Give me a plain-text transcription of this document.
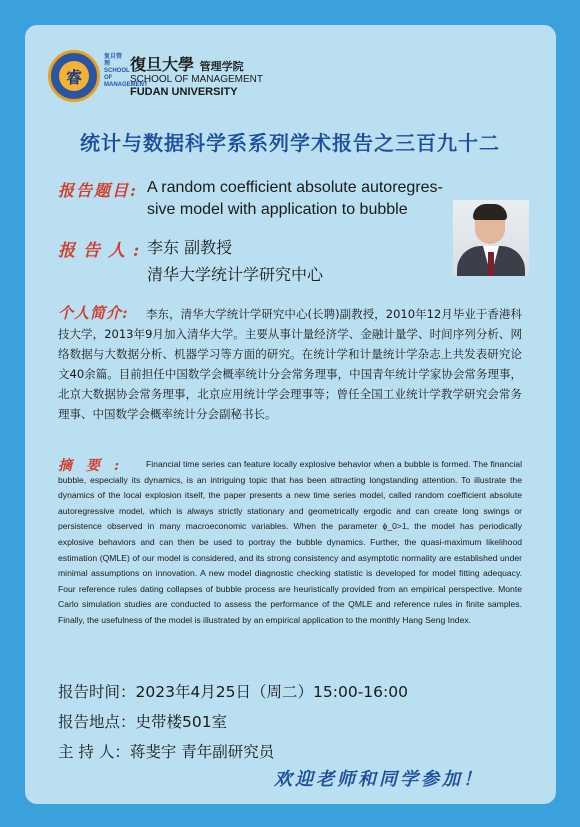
睿
复旦管理 SCHOOL OF MANAGEMENT
復旦大學 管理学院
SCHOOL OF MANAGEMENT
FUDAN UNIVERSITY
统计与数据科学系系列学术报告之三百九十二
报告题目: A random coefficient absolute autoregres-sive model with application to bubble
报告人: 李东 副教授
清华大学统计学研究中心
个人简介:	李东，清华大学统计学研究中心(长聘)副教授，2010年12月毕业于香港科技大学，2013年9月加入清华大学。主要从事计量经济学、金融计量学、时间序列分析、网络数据与大数据分析、机器学习等方面的研究。在统计学和计量统计学杂志上共发表研究论文40余篇。目前担任中国数学会概率统计分会常务理事，中国青年统计学家协会常务理事，北京大数据协会常务理事，北京应用统计学会理事等；曾任全国工业统计学教学研究会常务理事、中国数学会概率统计分会副秘书长。
摘要:	Financial time series can feature locally explosive behavior when a bubble is formed. The financial bubble, especially its dynamics, is an intriguing topic that has been attracting longstanding attention. To illustrate the dynamics of the local explosion itself, the paper presents a new time series model, called random coefficient absolute autoregressive model, which is always strictly stationary and geometrically ergodic and can create long swings or persistence observed in many macroeconomic variables. When the parameter ϕ_0>1, the model has periodically explosive behaviors and can then be used to portray the bubble dynamics. Further, the quasi-maximum likelihood estimation (QMLE) of our model is considered, and its strong consistency and asymptotic normality are established under minimal assumptions on innovation. A new model diagnostic checking statistic is developed for model fitting adequacy. Four reference rules dating collapses of bubble process are heuristically provided from an empirical perspective. Monte Carlo simulation studies are conducted to assess the performance of the QMLE and reference rules in finite samples. Finally, the usefulness of the model is illustrated by an empirical application to the monthly Hang Seng Index.
报告时间：2023年4月25日（周二）15:00-16:00
报告地点：史带楼501室
主 持 人：蒋斐宇 青年副研究员
欢迎老师和同学参加！
